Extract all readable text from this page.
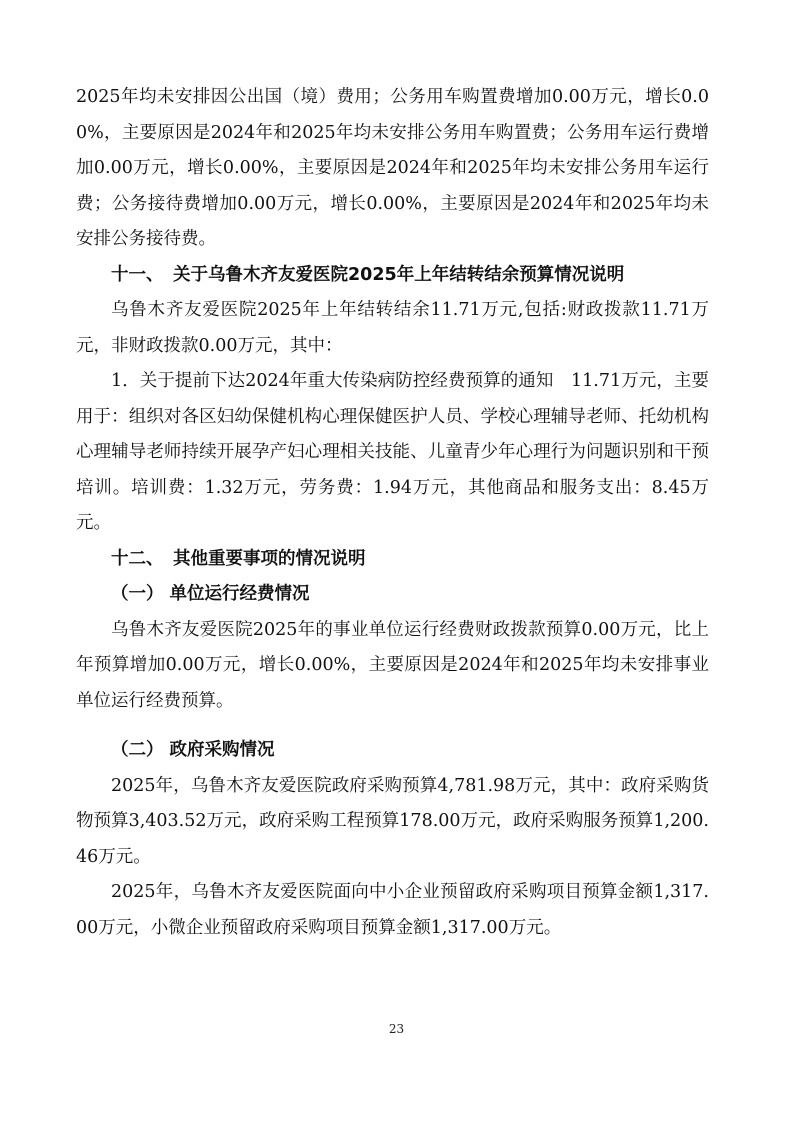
2025年均未安排因公出国（境）费用；公务用车购置费增加0.00万元，增长0.00%，主要原因是2024年和2025年均未安排公务用车购置费；公务用车运行费增加0.00万元，增长0.00%，主要原因是2024年和2025年均未安排公务用车运行费；公务接待费增加0.00万元，增长0.00%，主要原因是2024年和2025年均未安排公务接待费。

十一、 关于乌鲁木齐友爱医院2025年上年结转结余预算情况说明

乌鲁木齐友爱医院2025年上年结转结余11.71万元,包括:财政拨款11.71万元，非财政拨款0.00万元，其中：

1．关于提前下达2024年重大传染病防控经费预算的通知　11.71万元，主要用于：组织对各区妇幼保健机构心理保健医护人员、学校心理辅导老师、托幼机构心理辅导老师持续开展孕产妇心理相关技能、儿童青少年心理行为问题识别和干预培训。培训费：1.32万元，劳务费：1.94万元，其他商品和服务支出：8.45万元。

十二、 其他重要事项的情况说明
（一） 单位运行经费情况

乌鲁木齐友爱医院2025年的事业单位运行经费财政拨款预算0.00万元，比上年预算增加0.00万元，增长0.00%，主要原因是2024年和2025年均未安排事业单位运行经费预算。

（二） 政府采购情况

2025年，乌鲁木齐友爱医院政府采购预算4,781.98万元，其中：政府采购货物预算3,403.52万元，政府采购工程预算178.00万元，政府采购服务预算1,200.46万元。

2025年，乌鲁木齐友爱医院面向中小企业预留政府采购项目预算金额1,317.00万元，小微企业预留政府采购项目预算金额1,317.00万元。

23
